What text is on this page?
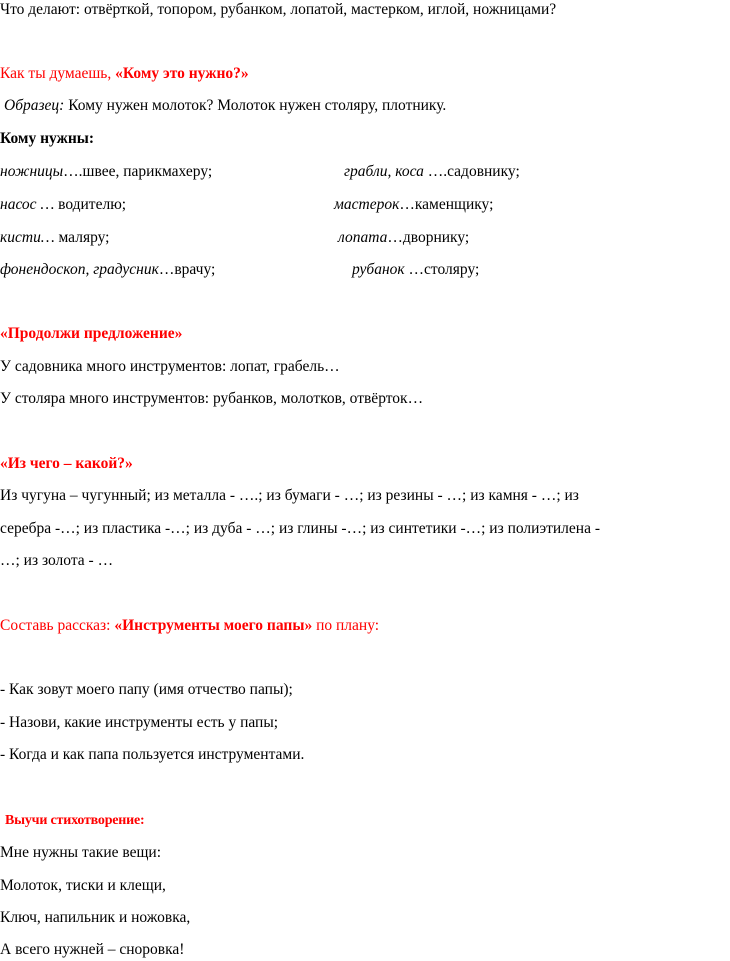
Что делают: отвёрткой, топором, рубанком, лопатой, мастерком, иглой, ножницами?
Как ты думаешь, «Кому это нужно?»
Образец: Кому нужен молоток? Молоток нужен столяру, плотнику.
Кому нужны:
ножницы….швее, парикмахеру;	грабли, коса ….садовнику;
насос … водителю;	мастерок…каменщику;
кисти… маляру;	лопата…дворнику;
фонендоскоп, градусник…врачу;	рубанок …столяру;
«Продолжи предложение»
У садовника много инструментов: лопат, грабель…
У столяра много инструментов: рубанков, молотков, отвёрток…
«Из чего – какой?»
Из чугуна – чугунный; из металла - ….; из бумаги - …; из резины - …; из камня - …; из
серебра -…; из пластика -…; из дуба - …; из глины -…; из синтетики -…; из полиэтилена -
…; из золота - …
Составь рассказ: «Инструменты моего папы» по плану:
- Как зовут моего папу (имя отчество папы);
- Назови, какие инструменты есть у папы;
- Когда и как папа пользуется инструментами.
Выучи стихотворение:
Мне нужны такие вещи:
Молоток, тиски и клещи,
Ключ, напильник и ножовка,
А всего нужней – сноровка!
